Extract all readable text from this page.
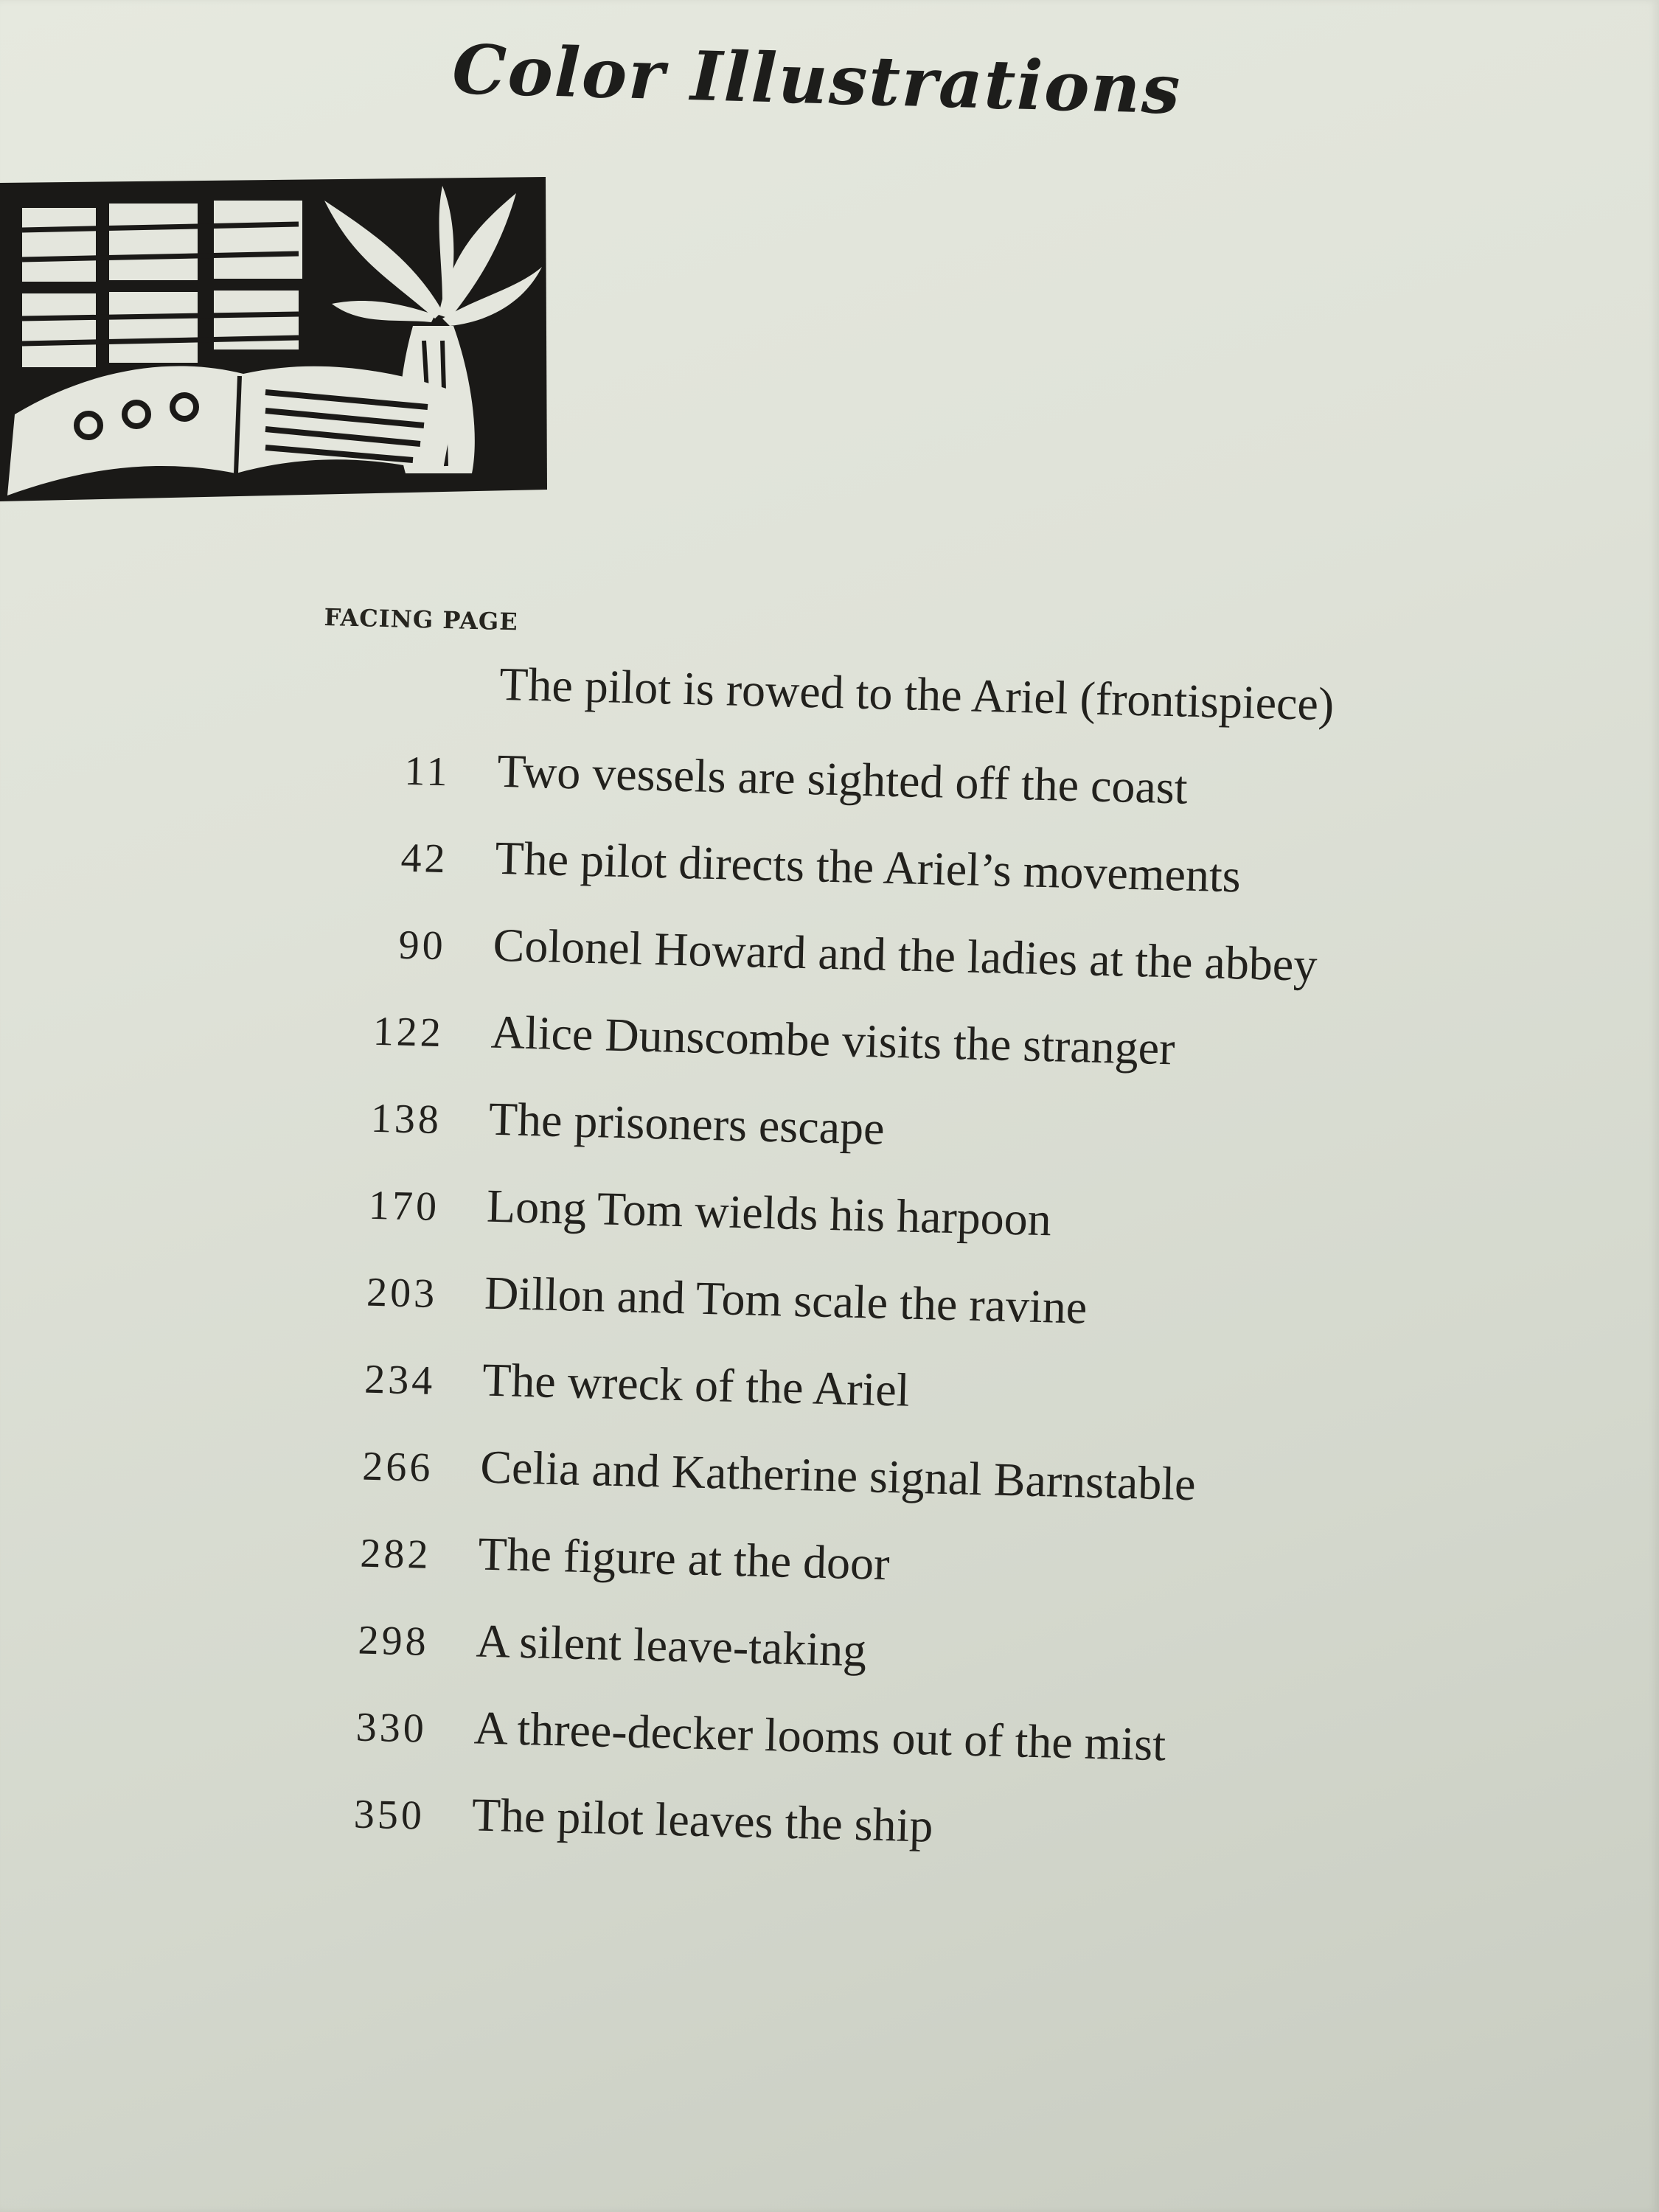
Color Illustrations
FACING PAGE
The pilot is rowed to the Ariel (frontispiece)
11 Two vessels are sighted off the coast
42 The pilot directs the Ariel’s movements
90 Colonel Howard and the ladies at the abbey
122 Alice Dunscombe visits the stranger
138 The prisoners escape
170 Long Tom wields his harpoon
203 Dillon and Tom scale the ravine
234 The wreck of the Ariel
266 Celia and Katherine signal Barnstable
282 The figure at the door
298 A silent leave-taking
330 A three-decker looms out of the mist
350 The pilot leaves the ship
